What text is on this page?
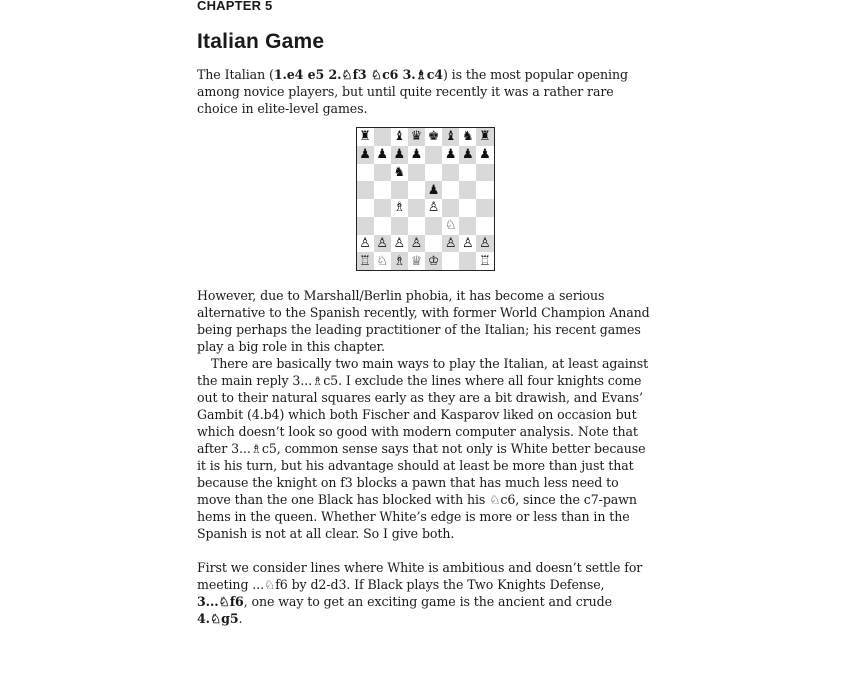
CHAPTER 5
Italian Game

The Italian (1.e4 e5 2.♘f3 ♘c6 3.♗c4) is the most popular opening among novice players, but until quite recently it was a rather rare choice in elite-level games.

♜ ♝ ♛ ♚ ♝ ♞ ♜
♟ ♟ ♟ ♟ ♟ ♟ ♟
♞
♟
♗ ♙
♘
♙ ♙ ♙ ♙ ♙ ♙ ♙
♖ ♘ ♗ ♕ ♔	♖

However, due to Marshall/Berlin phobia, it has become a serious alternative to the Spanish recently, with former World Champion Anand being perhaps the leading practitioner of the Italian; his recent games play a big role in this chapter.

There are basically two main ways to play the Italian, at least against the main reply 3...♗c5. I exclude the lines where all four knights come out to their natural squares early as they are a bit drawish, and Evans’ Gambit (4.b4) which both Fischer and Kasparov liked on occasion but which doesn’t look so good with modern computer analysis. Note that after 3...♗c5, common sense says that not only is White better because it is his turn, but his advantage should at least be more than just that because the knight on f3 blocks a pawn that has much less need to move than the one Black has blocked with his ♘c6, since the c7-pawn hems in the queen. Whether White’s edge is more or less than in the Spanish is not at all clear. So I give both.

First we consider lines where White is ambitious and doesn’t settle for meeting ...♘f6 by d2-d3. If Black plays the Two Knights Defense, 3...♘f6, one way to get an exciting game is the ancient and crude 4.♘g5.
